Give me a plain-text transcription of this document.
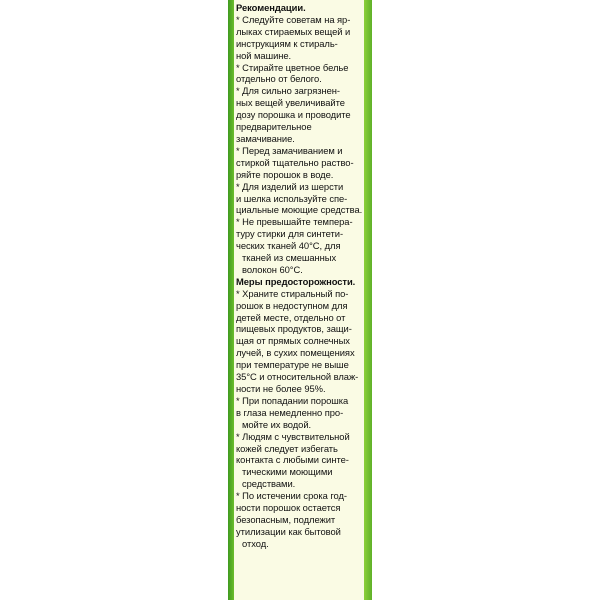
Рекомендации.

* Следуйте советам на яр-

лыках стираемых вещей и

инструкциям к стираль-

ной машине.

* Стирайте цветное белье

отдельно от белого.

* Для сильно загрязнен-

ных вещей увеличивайте

дозу порошка и проводите

предварительное

замачивание.

* Перед замачиванием и

стиркой тщательно раство-

ряйте порошок в воде.

* Для изделий из шерсти

и шелка используйте спе-

циальные моющие средства.

* Не превышайте темпера-

туру стирки для синтети-

ческих тканей 40°С, для

тканей из смешанных

волокон 60°С.

Меры предосторожности.

* Храните стиральный по-

рошок в недоступном для

детей месте, отдельно от

пищевых продуктов, защи-

щая от прямых солнечных

лучей, в сухих помещениях

при температуре не выше

35°С и относительной влаж-

ности не более 95%.

* При попадании порошка

в глаза немедленно про-

мойте их водой.

* Людям с чувствительной

кожей следует избегать

контакта с любыми синте-

тическими моющими

средствами.

* По истечении срока год-

ности порошок остается

безопасным, подлежит

утилизации как бытовой

отход.
